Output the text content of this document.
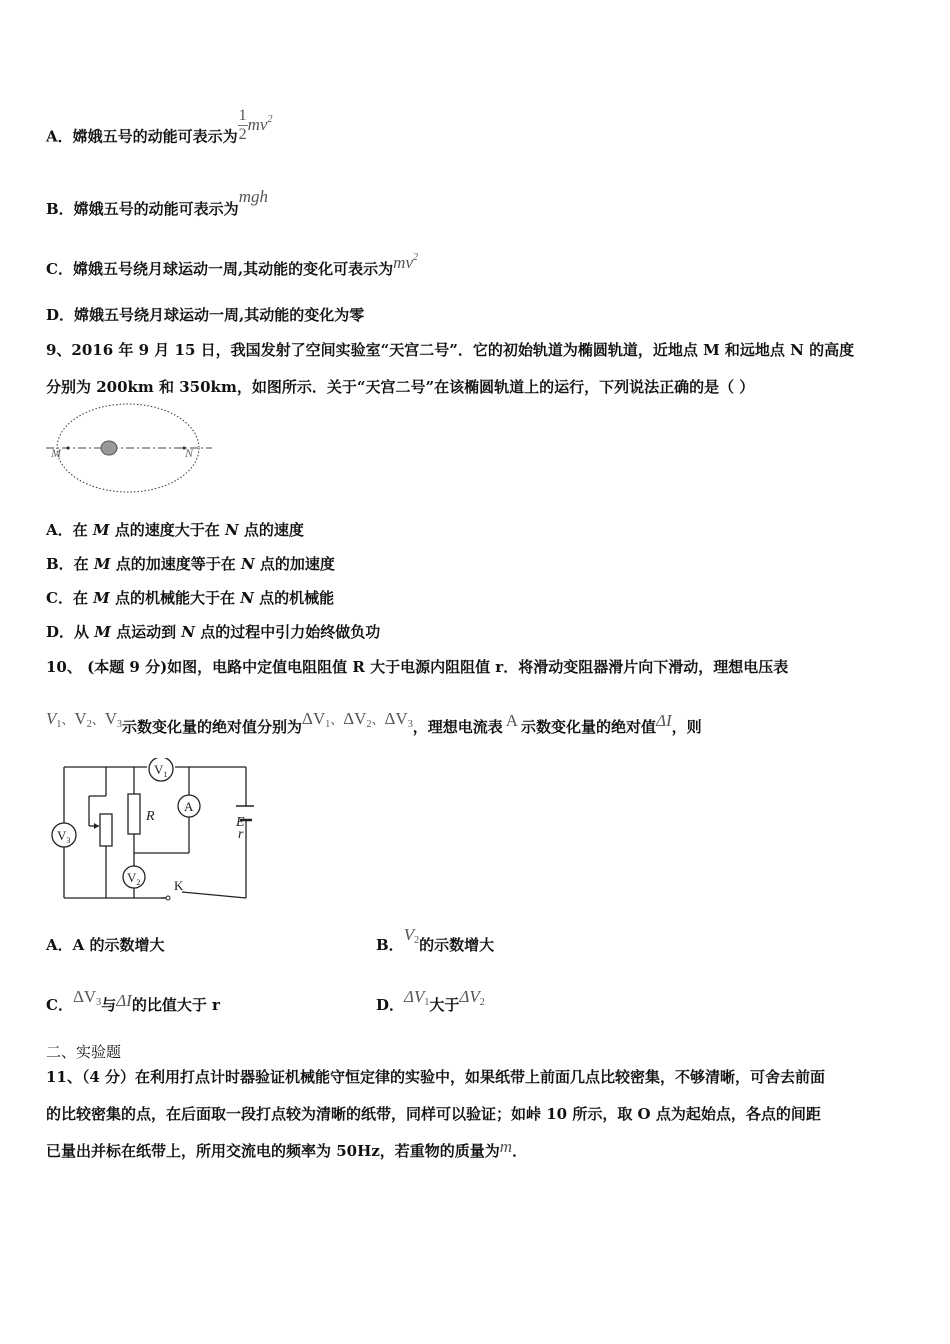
A．嫦娥五号的动能可表示为 $\frac{1}{2} mv^2$
B．嫦娥五号的动能可表示为mgh
C．嫦娥五号绕月球运动一周,其动能的变化可表示为$mv^2$
D．嫦娥五号绕月球运动一周,其动能的变化为零
9、2016 年 9 月 15 日，我国发射了空间实验室“天宫二号”．它的初始轨道为椭圆轨道，近地点 M 和远地点 N 的高度
分别为 200km 和 350km，如图所示．关于“天宫二号”在该椭圆轨道上的运行，下列说法正确的是（ ）
M	N
A．在 M 点的速度大于在 N 点的速度
B．在 M 点的加速度等于在 N 点的加速度
C．在 M 点的机械能大于在 N 点的机械能
D．从 M 点运动到 N 点的过程中引力始终做负功
10、 (本题 9 分)如图，电路中定值电阻阻值 R 大于电源内阻阻值 r．将滑动变阻器滑片向下滑动，理想电压表
$V^1$、$V^2$、$V^3$示数变化量的绝对值分别为$\Delta V^1$、$\Delta V^2$、$\Delta V^3$，理想电流表 A 示数变化量的绝对值ΔI，则
$V_1$
A
$V_3$
$V_2$	K
R	E
r
A．A 的示数增大	B．$V^2$的示数增大
C．$\Delta V^3$与ΔI的比值大于 r	D．$\Delta V^1$大于$\Delta V^2$
二、实验题
11、（4 分）在利用打点计时器验证机械能守恒定律的实验中，如果纸带上前面几点比较密集，不够清晰，可舍去前面
的比较密集的点，在后面取一段打点较为清晰的纸带，同样可以验证；如峠 10 所示，取 O 点为起始点，各点的间距
已量出并标在纸带上，所用交流电的频率为 50Hz，若重物的质量为m．
